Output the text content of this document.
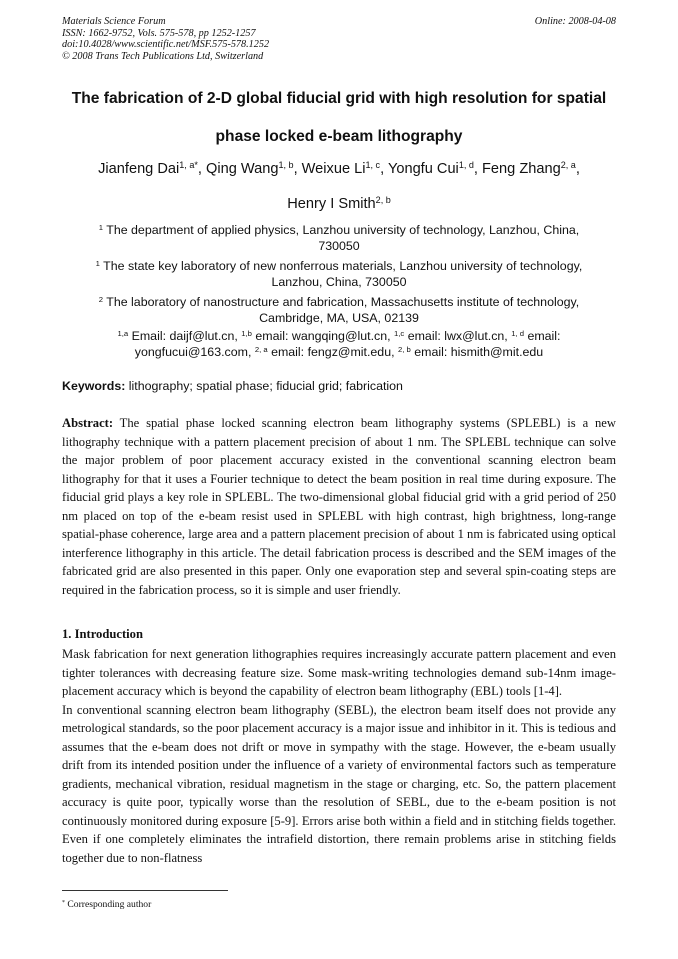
Materials Science Forum
ISSN: 1662-9752, Vols. 575-578, pp 1252-1257
doi:10.4028/www.scientific.net/MSF.575-578.1252
© 2008 Trans Tech Publications Ltd, Switzerland
Online: 2008-04-08
The fabrication of 2-D global fiducial grid with high resolution for spatial
phase locked e-beam lithography
Jianfeng Dai$^{1, a*}$, Qing Wang$^{1, b}$, Weixue Li$^{1, c}$, Yongfu Cui$^{1, d}$, Feng Zhang$^{2, a}$,
Henry I Smith$^{2, b}$
$^1$ The department of applied physics, Lanzhou university of technology, Lanzhou, China,
730050
$^1$ The state key laboratory of new nonferrous materials, Lanzhou university of technology,
Lanzhou, China, 730050
$^2$ The laboratory of nanostructure and fabrication, Massachusetts institute of technology,
Cambridge, MA, USA, 02139
$^{1,a}$ Email: daijf@lut.cn, $^{1,b}$ email: wangqing@lut.cn, $^{1,c}$ email: lwx@lut.cn, $^{1, d}$ email: yongfucui@163.com, $^{2, a}$ email: fengz@mit.edu, $^{2, b}$ email: hismith@mit.edu
Keywords: lithography; spatial phase; fiducial grid; fabrication
Abstract: The spatial phase locked scanning electron beam lithography systems (SPLEBL) is a new lithography technique with a pattern placement precision of about 1 nm. The SPLEBL technique can solve the major problem of poor placement accuracy existed in the conventional scanning electron beam lithography for that it uses a Fourier technique to detect the beam position in real time during exposure. The fiducial grid plays a key role in SPLEBL. The two-dimensional global fiducial grid with a grid period of 250 nm placed on top of the e-beam resist used in SPLEBL with high contrast, high brightness, long-range spatial-phase coherence, large area and a pattern placement precision of about 1 nm is fabricated using optical interference lithography in this article. The detail fabrication process is described and the SEM images of the fabricated grid are also presented in this paper. Only one evaporation step and several spin-coating steps are required in the fabrication process, so it is simple and user friendly.
1. Introduction

Mask fabrication for next generation lithographies requires increasingly accurate pattern placement and even tighter tolerances with decreasing feature size. Some mask-writing technologies demand sub-14nm image-placement accuracy which is beyond the capability of electron beam lithography (EBL) tools [1-4].

In conventional scanning electron beam lithography (SEBL), the electron beam itself does not provide any metrological standards, so the poor placement accuracy is a major issue and inhibitor in it. This is tedious and assumes that the e-beam does not drift or move in sympathy with the stage. However, the e-beam usually drift from its intended position under the influence of a variety of environmental factors such as temperature gradients, mechanical vibration, residual magnetism in the stage or charging, etc. So, the pattern placement accuracy is quite poor, typically worse than the resolution of SEBL, due to the e-beam position is not continuously monitored during exposure [5-9]. Errors arise both within a field and in stitching fields together. Even if one completely eliminates the intrafield distortion, there remain problems arise in stitching fields together due to non-flatness

* Corresponding author
